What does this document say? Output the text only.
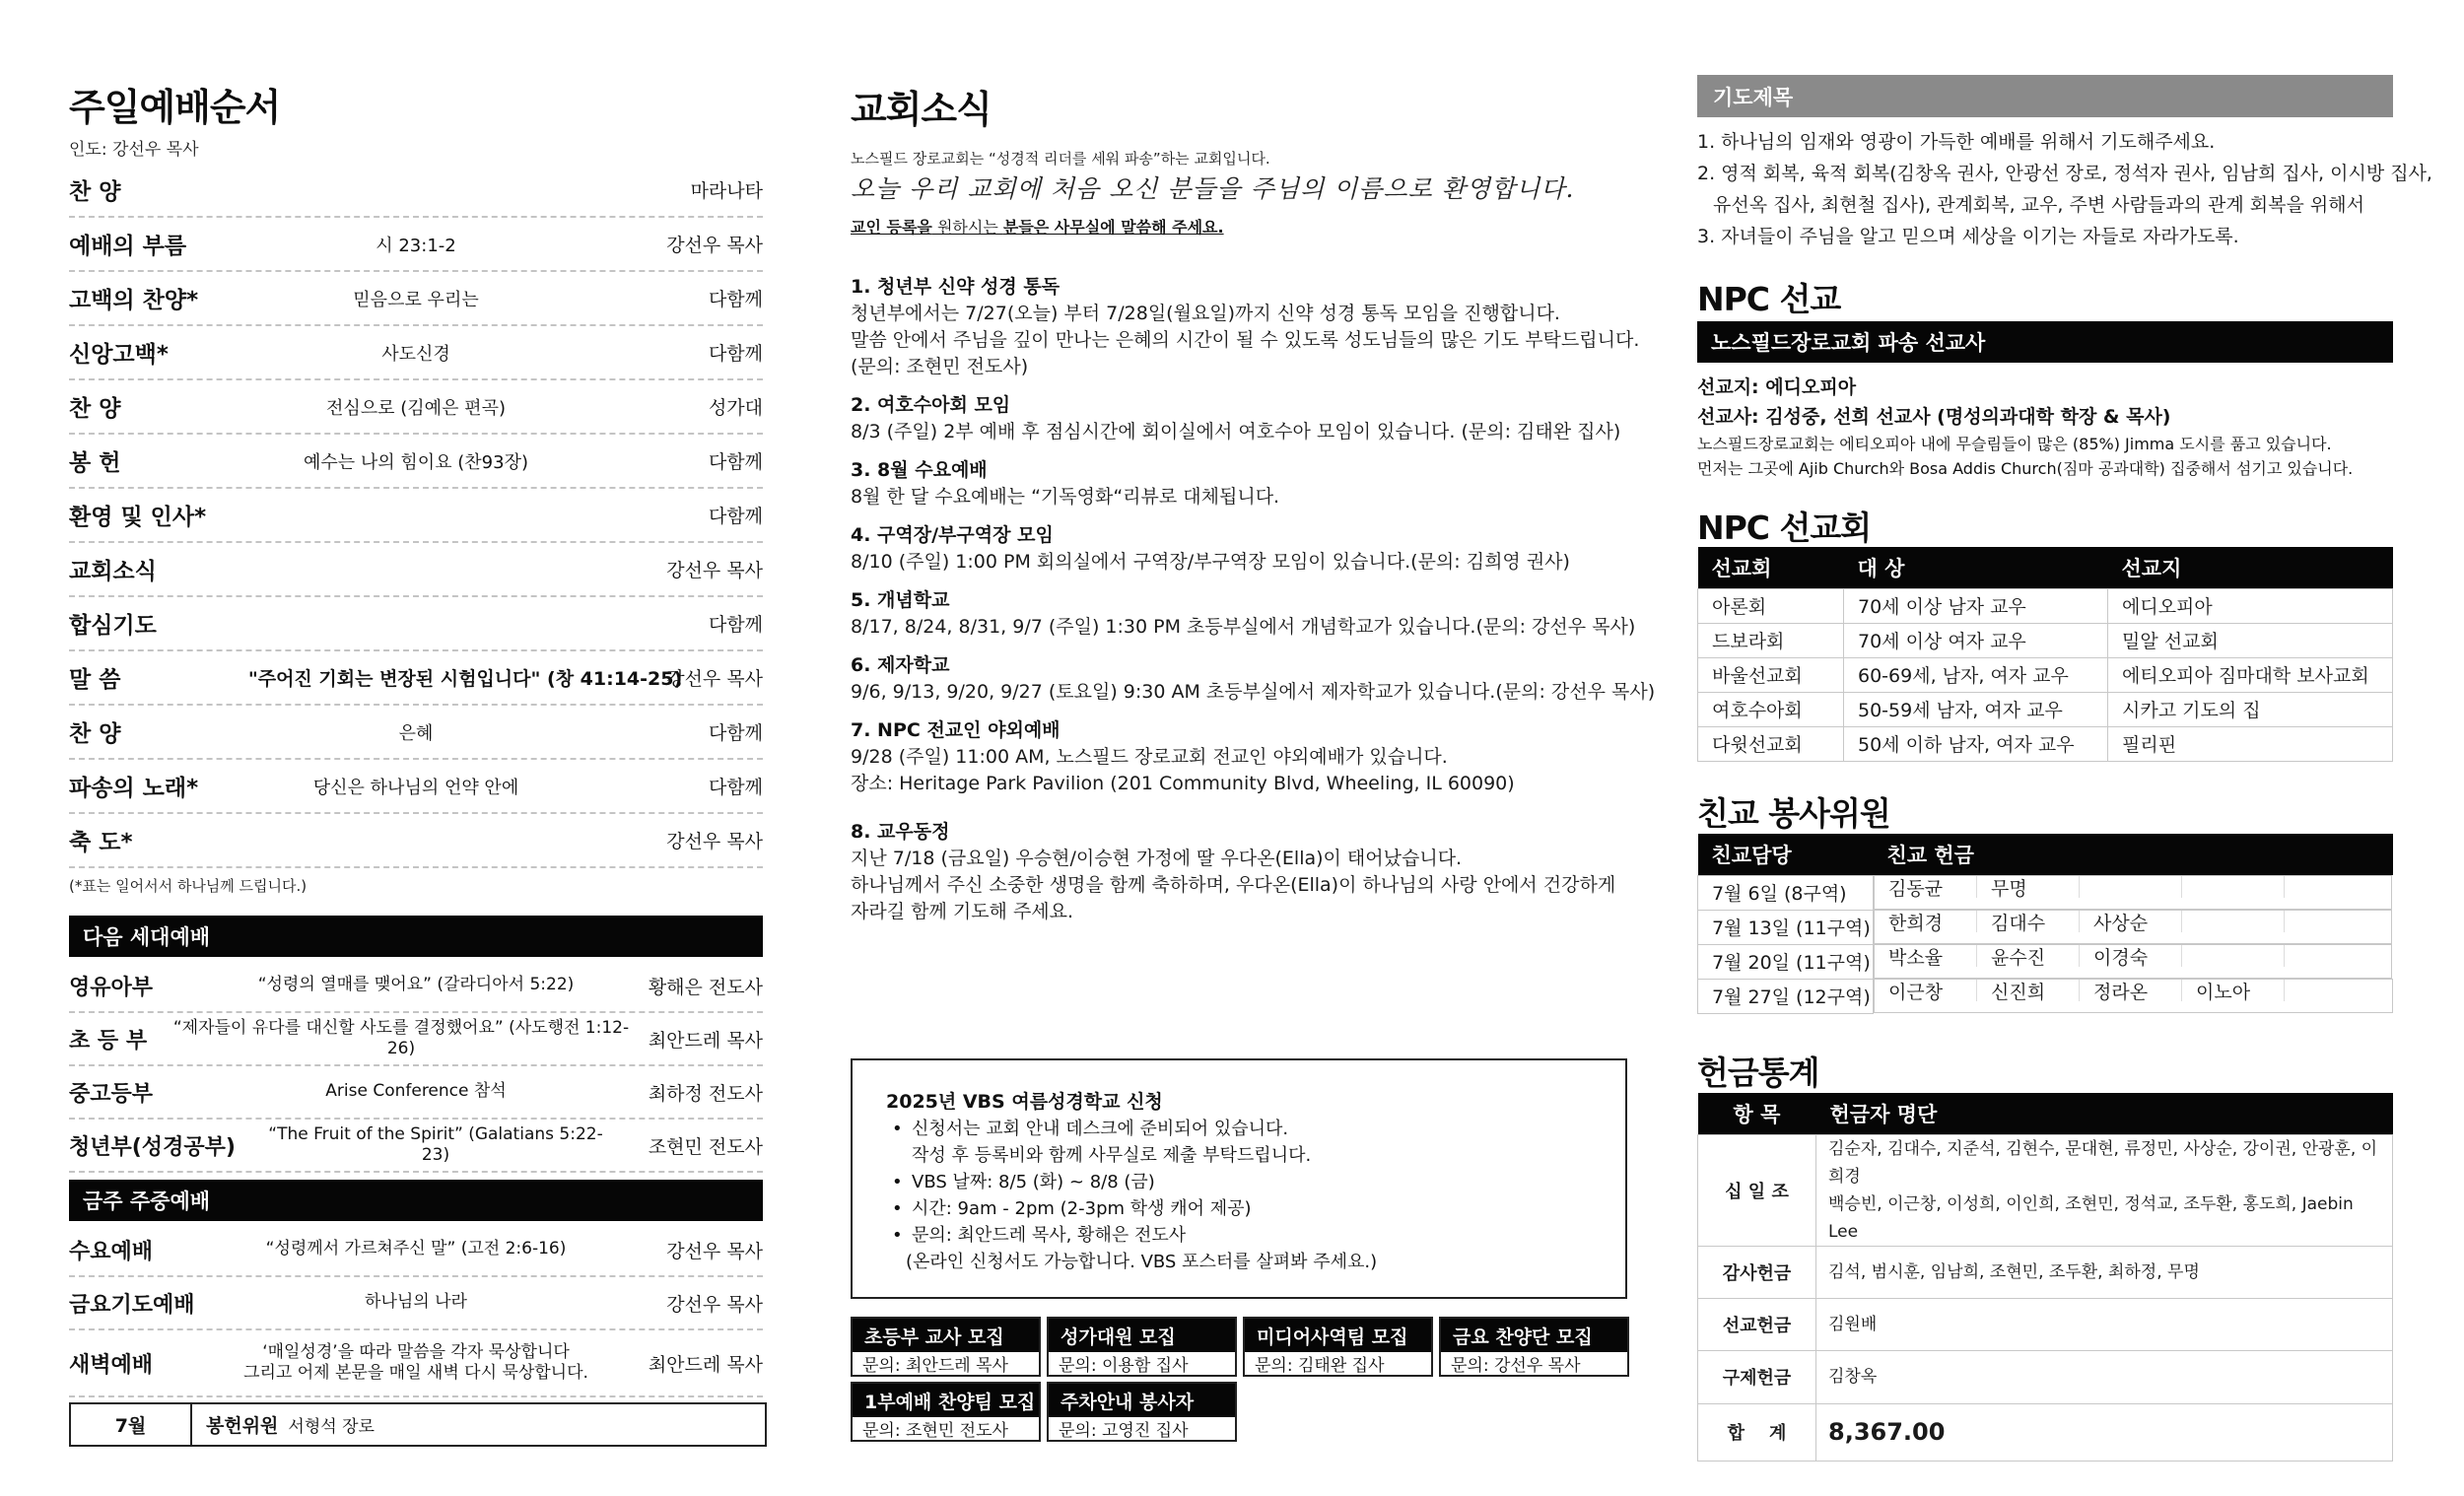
주일예배순서
인도: 강선우 목사
찬 양	마라나타
예배의 부름	시 23:1-2	강선우 목사
고백의 찬양*	믿음으로 우리는	다함께
신앙고백*	사도신경	다함께
찬 양	전심으로 (김예은 편곡)	성가대
봉 헌	예수는 나의 힘이요 (찬93장)	다함께
환영 및 인사*	다함께
교회소식	강선우 목사
합심기도	다함께
말 씀	"주어진 기회는 변장된 시험입니다" (창 41:14-25)
강선우 목사
찬 양	은혜	다함께
파송의 노래*	당신은 하나님의 언약 안에	다함께
축 도*	강선우 목사
(*표는 일어서서 하나님께 드립니다.)
다음 세대예배
영유아부	“성령의 열매를 맺어요” (갈라디아서 5:22)	황해은 전도사
초 등 부
“제자들이 유다를 대신할 사도를 결정했어요” (사도행전 1:12-26)	최안드레 목사
중고등부	Arise Conference 참석	최하정 전도사
청년부(성경공부)
“The Fruit of the Spirit” (Galatians 5:22-23)	조현민 전도사
금주 주중예배
수요예배	“성령께서 가르쳐주신 말” (고전 2:6-16)	강선우 목사
금요기도예배	하나님의 나라	강선우 목사
새벽예배
‘매일성경’을 따라 말씀을 각자 묵상합니다
그리고 어제 본문을 매일 새벽 다시 묵상합니다.	최안드레 목사
7월	봉헌위원 서형석 장로
교회소식
노스필드 장로교회는 “성경적 리더를 세워 파송”하는 교회입니다.
오늘 우리 교회에 처음 오신 분들을 주님의 이름으로 환영합니다.
교인 등록을 원하시는 분들은 사무실에 말씀해 주세요.
1. 청년부 신약 성경 통독
청년부에서는 7/27(오늘) 부터 7/28일(월요일)까지 신약 성경 통독 모임을 진행합니다.
말씀 안에서 주님을 깊이 만나는 은혜의 시간이 될 수 있도록 성도님들의 많은 기도 부탁드립니다.
(문의: 조현민 전도사)
2. 여호수아회 모임
8/3 (주일) 2부 예배 후 점심시간에 회이실에서 여호수아 모임이 있습니다. (문의: 김태완 집사)
3. 8월 수요예배
8월 한 달 수요예배는 “기독영화“리뷰로 대체됩니다.
4. 구역장/부구역장 모임
8/10 (주일) 1:00 PM 회의실에서 구역장/부구역장 모임이 있습니다.(문의: 김희영 권사)
5. 개념학교
8/17, 8/24, 8/31, 9/7 (주일) 1:30 PM 초등부실에서 개념학교가 있습니다.(문의: 강선우 목사)
6. 제자학교
9/6, 9/13, 9/20, 9/27 (토요일) 9:30 AM 초등부실에서 제자학교가 있습니다.(문의: 강선우 목사)
7. NPC 전교인 야외예배
9/28 (주일) 11:00 AM, 노스필드 장로교회 전교인 야외예배가 있습니다.
장소: Heritage Park Pavilion (201 Community Blvd, Wheeling, IL 60090)
8. 교우동정
지난 7/18 (금요일) 우승현/이승현 가정에 딸 우다온(Ella)이 태어났습니다.
하나님께서 주신 소중한 생명을 함께 축하하며, 우다온(Ella)이 하나님의 사랑 안에서 건강하게
자라길 함께 기도해 주세요.
2025년 VBS 여름성경학교 신청
• 신청서는 교회 안내 데스크에 준비되어 있습니다.
작성 후 등록비와 함께 사무실로 제출 부탁드립니다.
• VBS 날짜: 8/5 (화) ~ 8/8 (금)
• 시간: 9am - 2pm (2-3pm 학생 캐어 제공)
• 문의: 최안드레 목사, 황해은 전도사
(온라인 신청서도 가능합니다. VBS 포스터를 살펴봐 주세요.)
초등부 교사 모집
문의: 최안드레 목사
성가대원 모집
문의: 이용함 집사
미디어사역팀 모집
문의: 김태완 집사
금요 찬양단 모집
문의: 강선우 목사
1부예배 찬양팀 모집
문의: 조현민 전도사
주차안내 봉사자
문의: 고영진 집사
기도제목
1. 하나님의 임재와 영광이 가득한 예배를 위해서 기도해주세요.
2. 영적 회복, 육적 회복(김창옥 권사, 안광선 장로, 정석자 권사, 임남희 집사, 이시방 집사,
유선옥 집사, 최현철 집사), 관계회복, 교우, 주변 사람들과의 관계 회복을 위해서
3. 자녀들이 주님을 알고 믿으며 세상을 이기는 자들로 자라가도록.
NPC 선교
노스필드장로교회 파송 선교사
선교지: 에디오피아
선교사: 김성중, 선희 선교사 (명성의과대학 학장 & 목사)
노스필드장로교회는 에티오피아 내에 무슬림들이 많은 (85%) Jimma 도시를 품고 있습니다.
먼저는 그곳에 Ajib Church와 Bosa Addis Church(짐마 공과대학) 집중해서 섬기고 있습니다.
NPC 선교회
선교회	대 상	선교지
아론회	70세 이상 남자 교우	에디오피아
드보라회	70세 이상 여자 교우	밀알 선교회
바울선교회	60-69세, 남자, 여자 교우	에티오피아 짐마대학 보사교회
여호수아회	50-59세 남자, 여자 교우	시카고 기도의 집
다윗선교회	50세 이하 남자, 여자 교우	필리핀
친교 봉사위원
친교담당	친교 헌금
7월 6일 (8구역)		김동균	무명

7월 13일 (11구역)	한희경	김대수	사상순

7월 20일 (11구역)	박소율	윤수진	이경숙

7월 27일 (12구역)	이근창	신진희	정라온	이노아
헌금통계
항 목	헌금자 명단
십 일 조	김순자, 김대수, 지준석, 김현수, 문대현, 류정민, 사상순, 강이권, 안광훈, 이희경
백승빈, 이근창, 이성희, 이인희, 조현민, 정석교, 조두환, 홍도희, Jaebin Lee

감사헌금	김석, 범시훈, 임남희, 조현민, 조두환, 최하정, 무명
선교헌금	김원배
구제헌금	김창옥
합    계	8,367.00
